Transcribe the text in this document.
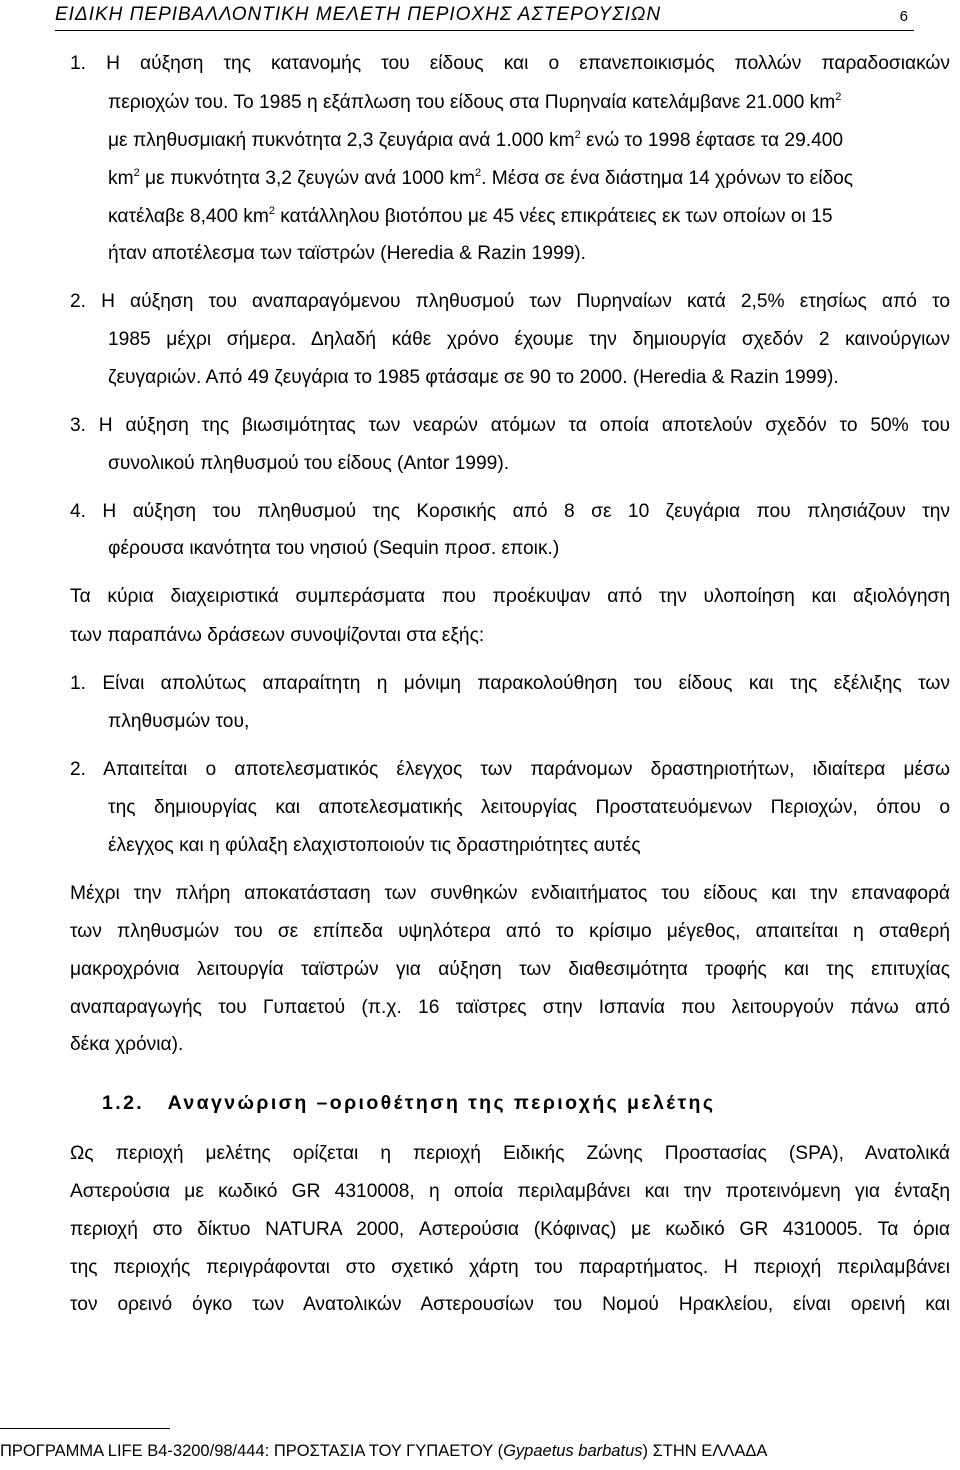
ΕΙΔΙΚΗ ΠΕΡΙΒΑΛΛΟΝΤΙΚΗ ΜΕΛΕΤΗ ΠΕΡΙΟΧΗΣ ΑΣΤΕΡΟΥΣΙΩΝ	6
1. Η αύξηση της κατανομής του είδους και ο επανεποικισμός πολλών παραδοσιακών
περιοχών του. Το 1985 η εξάπλωση του είδους στα Πυρηναία κατελάμβανε 21.000 $km^2$
με πληθυσμιακή πυκνότητα 2,3 ζευγάρια ανά 1.000 $km^2$ ενώ το 1998 έφτασε τα 29.400
$km^2$ με πυκνότητα 3,2 ζευγών ανά 1000 $km^2$. Μέσα σε ένα διάστημα 14 χρόνων το είδος
κατέλαβε 8,400 $km^2$ κατάλληλου βιοτόπου με 45 νέες επικράτειες εκ των οποίων οι 15
ήταν αποτέλεσμα των ταϊστρών (Heredia & Razin 1999).
2. Η αύξηση του αναπαραγόμενου πληθυσμού των Πυρηναίων κατά 2,5% ετησίως από το
1985 μέχρι σήμερα. Δηλαδή κάθε χρόνο έχουμε την δημιουργία σχεδόν 2 καινούργιων
ζευγαριών. Από 49 ζευγάρια το 1985 φτάσαμε σε 90 το 2000. (Heredia & Razin 1999).
3. Η αύξηση της βιωσιμότητας των νεαρών ατόμων τα οποία αποτελούν σχεδόν το 50% του
συνολικού πληθυσμού του είδους (Antor 1999).
4. Η αύξηση του πληθυσμού της Κορσικής από 8 σε 10 ζευγάρια που πλησιάζουν την
φέρουσα ικανότητα του νησιού (Sequin προσ. εποικ.)
Τα κύρια διαχειριστικά συμπεράσματα που προέκυψαν από την υλοποίηση και αξιολόγηση
των παραπάνω δράσεων συνοψίζονται στα εξής:
1. Είναι απολύτως απαραίτητη η μόνιμη παρακολούθηση του είδους και της εξέλιξης των
πληθυσμών του,
2. Απαιτείται ο αποτελεσματικός έλεγχος των παράνομων δραστηριοτήτων, ιδιαίτερα μέσω
της δημιουργίας και αποτελεσματικής λειτουργίας Προστατευόμενων Περιοχών, όπου ο
έλεγχος και η φύλαξη ελαχιστοποιούν τις δραστηριότητες αυτές
Μέχρι την πλήρη αποκατάσταση των συνθηκών ενδιαιτήματος του είδους και την επαναφορά
των πληθυσμών του σε επίπεδα υψηλότερα από το κρίσιμο μέγεθος, απαιτείται η σταθερή
μακροχρόνια λειτουργία ταϊστρών για αύξηση των διαθεσιμότητα τροφής και της επιτυχίας
αναπαραγωγής του Γυπαετού (π.χ. 16 ταϊστρες στην Ισπανία που λειτουργούν πάνω από
δέκα χρόνια).
1.2. Αναγνώριση –οριοθέτηση της περιοχής μελέτης
Ως περιοχή μελέτης ορίζεται η περιοχή Ειδικής Ζώνης Προστασίας (SPA), Ανατολικά
Αστερούσια με κωδικό GR 4310008, η οποία περιλαμβάνει και την προτεινόμενη για ένταξη
περιοχή στο δίκτυο NATURA 2000, Αστερούσια (Κόφινας) με κωδικό GR 4310005. Τα όρια
της περιοχής περιγράφονται στο σχετικό χάρτη του παραρτήματος. Η περιοχή περιλαμβάνει
τον ορεινό όγκο των Ανατολικών Αστερουσίων του Νομού Ηρακλείου, είναι ορεινή και
ΠΡΟΓΡΑΜΜΑ LIFE B4-3200/98/444: ΠΡΟΣΤΑΣΙΑ ΤΟΥ ΓΥΠΑΕΤΟΥ (Gypaetus barbatus) ΣΤΗΝ ΕΛΛΑΔΑ
